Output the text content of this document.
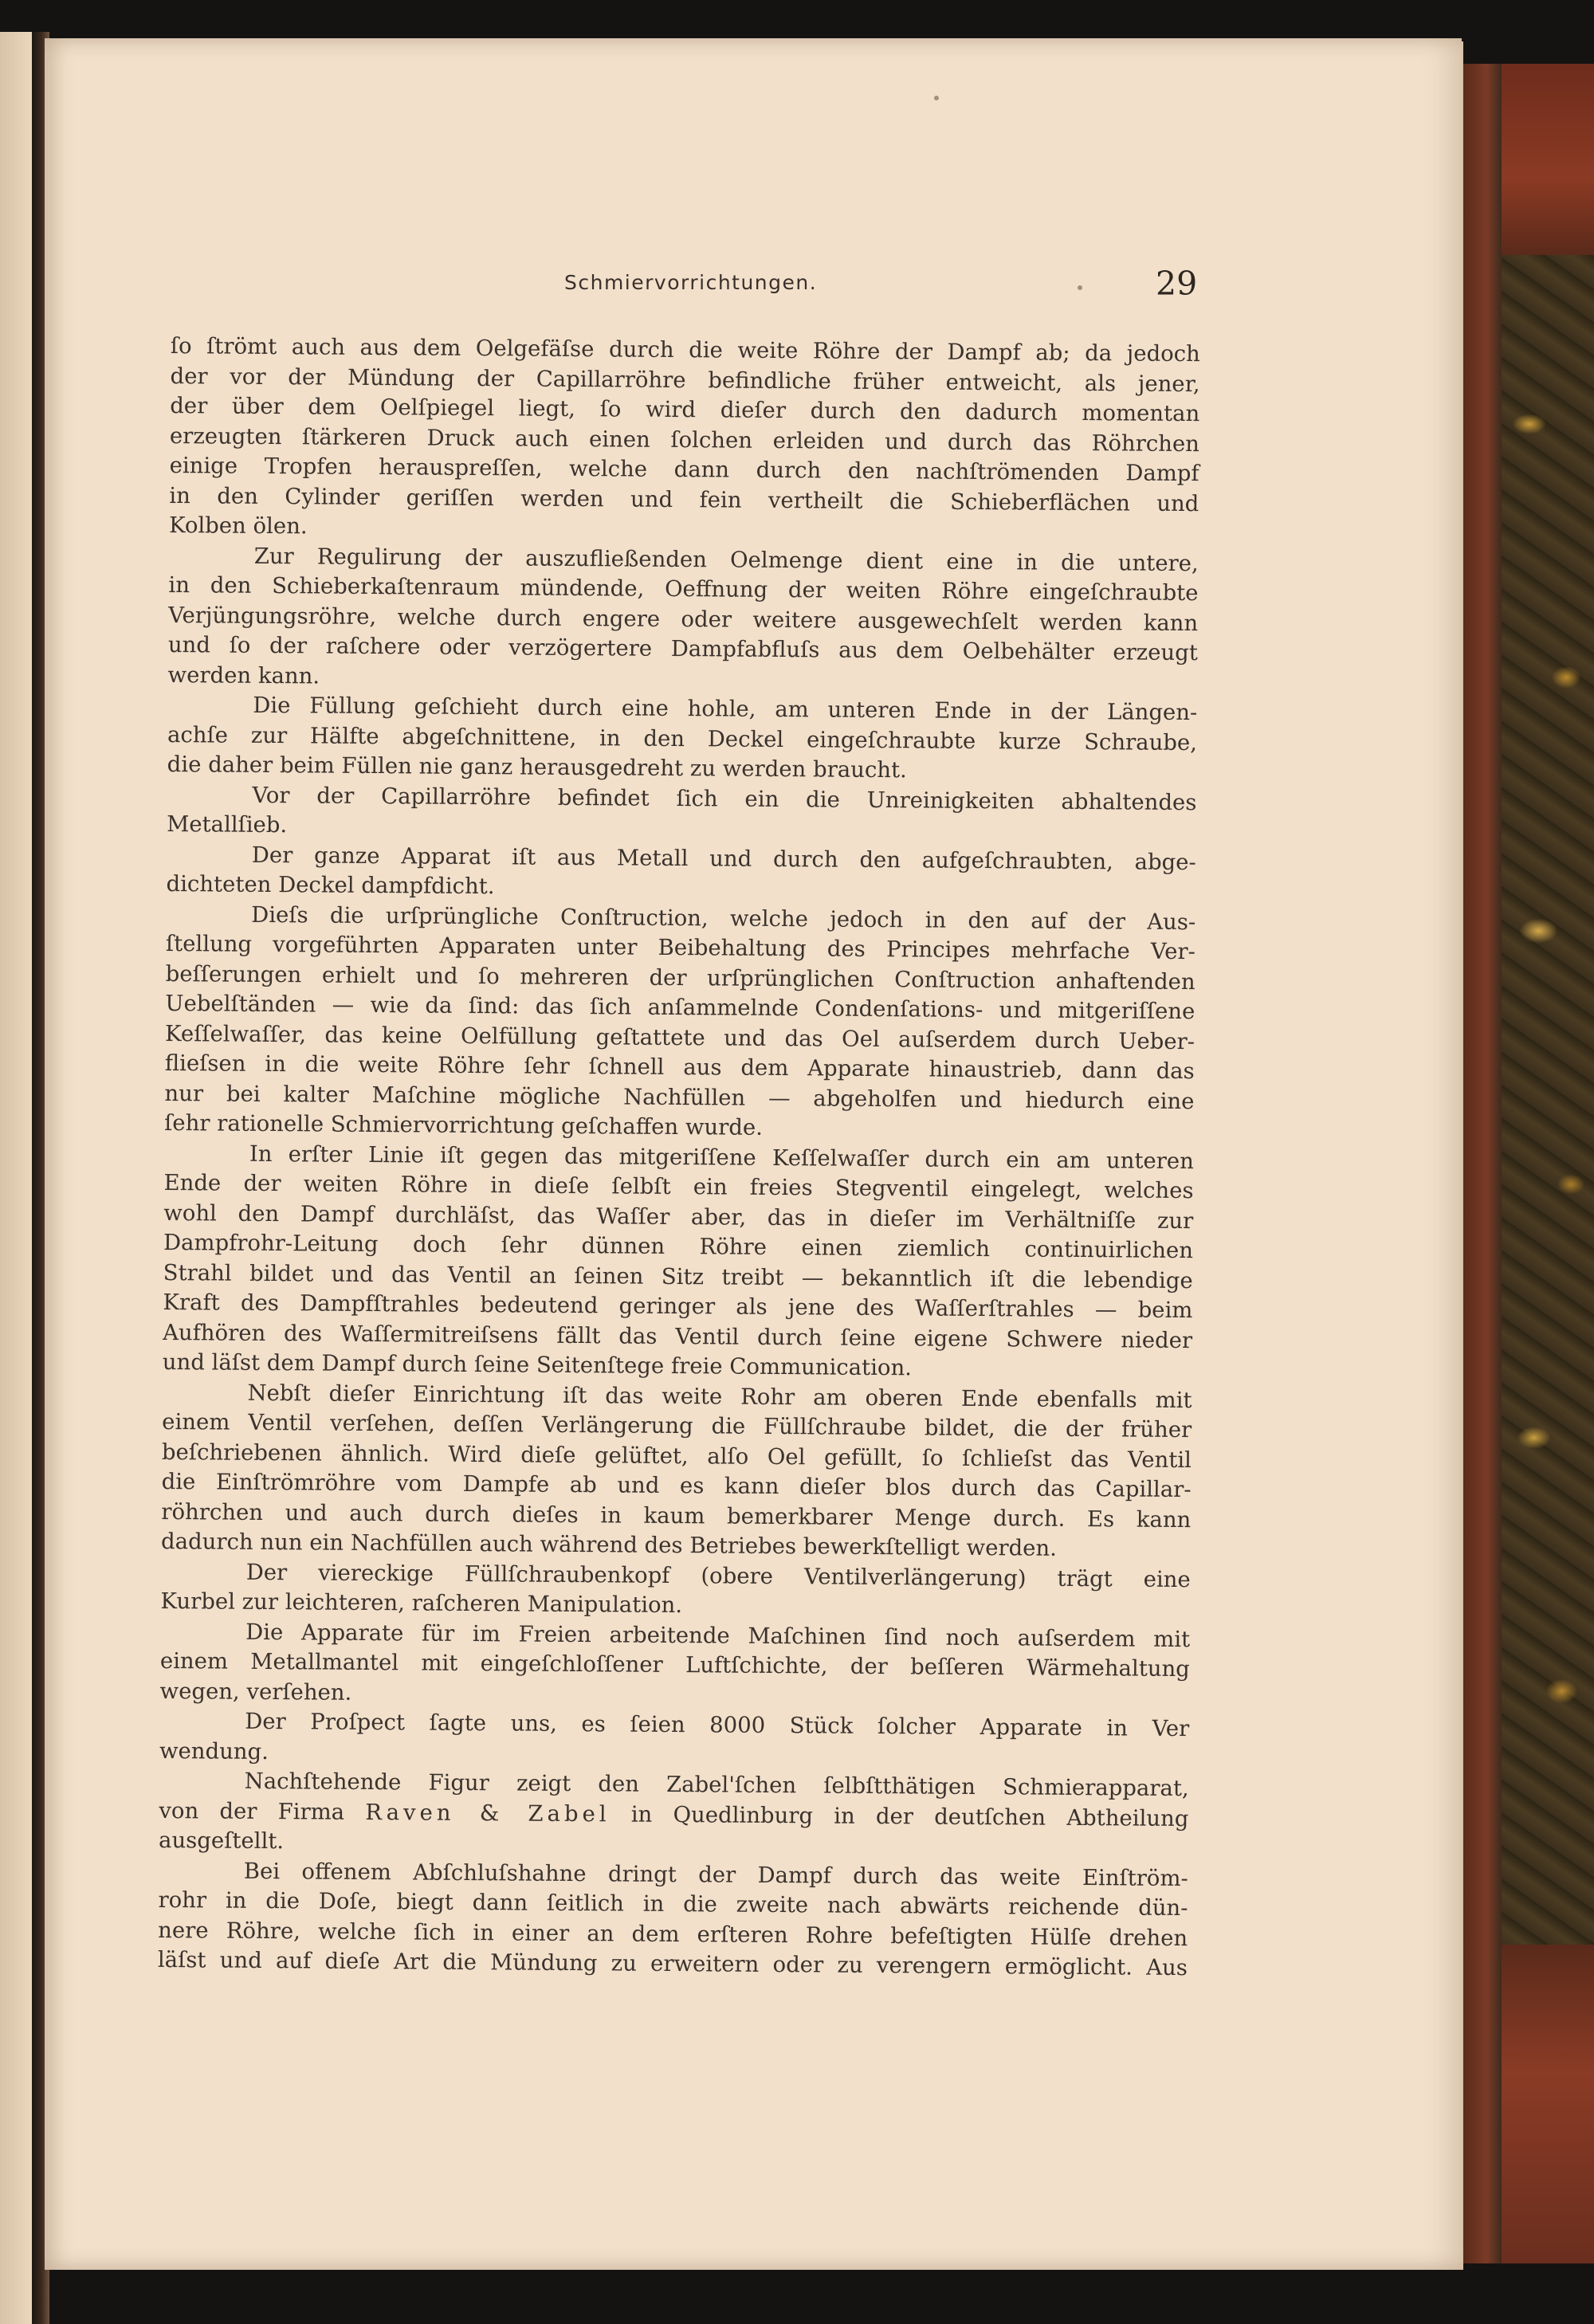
Schmiervorrichtungen.	29
ſo ſtrömt auch aus dem Oelgefäſse durch die weite Röhre der Dampf ab; da jedoch
der vor der Mündung der Capillarröhre befindliche früher entweicht, als jener,
der über dem Oelſpiegel liegt, ſo wird dieſer durch den dadurch momentan
erzeugten ſtärkeren Druck auch einen ſolchen erleiden und durch das Röhrchen
einige Tropfen herauspreſſen, welche dann durch den nachſtrömenden Dampf
in den Cylinder geriſſen werden und fein vertheilt die Schieberflächen und
Kolben ölen.
Zur Regulirung der auszufließenden Oelmenge dient eine in die untere,
in den Schieberkaſtenraum mündende, Oeffnung der weiten Röhre eingeſchraubte
Verjüngungsröhre, welche durch engere oder weitere ausgewechſelt werden kann
und ſo der raſchere oder verzögertere Dampfabfluſs aus dem Oelbehälter erzeugt
werden kann.
Die Füllung geſchieht durch eine hohle, am unteren Ende in der Längen-
achſe zur Hälfte abgeſchnittene, in den Deckel eingeſchraubte kurze Schraube,
die daher beim Füllen nie ganz herausgedreht zu werden braucht.
Vor der Capillarröhre befindet ſich ein die Unreinigkeiten abhaltendes
Metallſieb.
Der ganze Apparat iſt aus Metall und durch den aufgeſchraubten, abge-
dichteten Deckel dampfdicht.
Dieſs die urſprüngliche Conſtruction, welche jedoch in den auf der Aus-
ſtellung vorgeführten Apparaten unter Beibehaltung des Principes mehrfache Ver-
beſſerungen erhielt und ſo mehreren der urſprünglichen Conſtruction anhaftenden
Uebelſtänden — wie da ſind: das ſich anſammelnde Condenſations- und mitgeriſſene
Keſſelwaſſer, das keine Oelfüllung geſtattete und das Oel auſserdem durch Ueber-
flieſsen in die weite Röhre ſehr ſchnell aus dem Apparate hinaustrieb, dann das
nur bei kalter Maſchine mögliche Nachfüllen — abgeholfen und hiedurch eine
ſehr rationelle Schmiervorrichtung geſchaffen wurde.
In erſter Linie iſt gegen das mitgeriſſene Keſſelwaſſer durch ein am unteren
Ende der weiten Röhre in dieſe ſelbſt ein freies Stegventil eingelegt, welches
wohl den Dampf durchläſst, das Waſſer aber, das in dieſer im Verhältniſſe zur
Dampfrohr-Leitung doch ſehr dünnen Röhre einen ziemlich continuirlichen
Strahl bildet und das Ventil an ſeinen Sitz treibt — bekanntlich iſt die lebendige
Kraft des Dampfſtrahles bedeutend geringer als jene des Waſſerſtrahles — beim
Aufhören des Waſſermitreiſsens fällt das Ventil durch ſeine eigene Schwere nieder
und läſst dem Dampf durch ſeine Seitenſtege freie Communication.
Nebſt dieſer Einrichtung iſt das weite Rohr am oberen Ende ebenfalls mit
einem Ventil verſehen, deſſen Verlängerung die Füllſchraube bildet, die der früher
beſchriebenen ähnlich. Wird dieſe gelüftet, alſo Oel gefüllt, ſo ſchlieſst das Ventil
die Einſtrömröhre vom Dampfe ab und es kann dieſer blos durch das Capillar-
röhrchen und auch durch dieſes in kaum bemerkbarer Menge durch. Es kann
dadurch nun ein Nachfüllen auch während des Betriebes bewerkſtelligt werden.
Der viereckige Füllſchraubenkopf (obere Ventilverlängerung) trägt eine
Kurbel zur leichteren, raſcheren Manipulation.
Die Apparate für im Freien arbeitende Maſchinen ſind noch auſserdem mit
einem Metallmantel mit eingeſchloſſener Luftſchichte, der beſſeren Wärmehaltung
wegen, verſehen.
Der Proſpect ſagte uns, es ſeien 8000 Stück ſolcher Apparate in Ver
wendung.
Nachſtehende Figur zeigt den Zabel'ſchen ſelbſtthätigen Schmierapparat,
von der Firma Raven & Zabel in Quedlinburg in der deutſchen Abtheilung
ausgeſtellt.
Bei offenem Abſchluſshahne dringt der Dampf durch das weite Einſtröm-
rohr in die Doſe, biegt dann ſeitlich in die zweite nach abwärts reichende dün-
nere Röhre, welche ſich in einer an dem erſteren Rohre befeſtigten Hülſe drehen
läſst und auf dieſe Art die Mündung zu erweitern oder zu verengern ermöglicht. Aus
